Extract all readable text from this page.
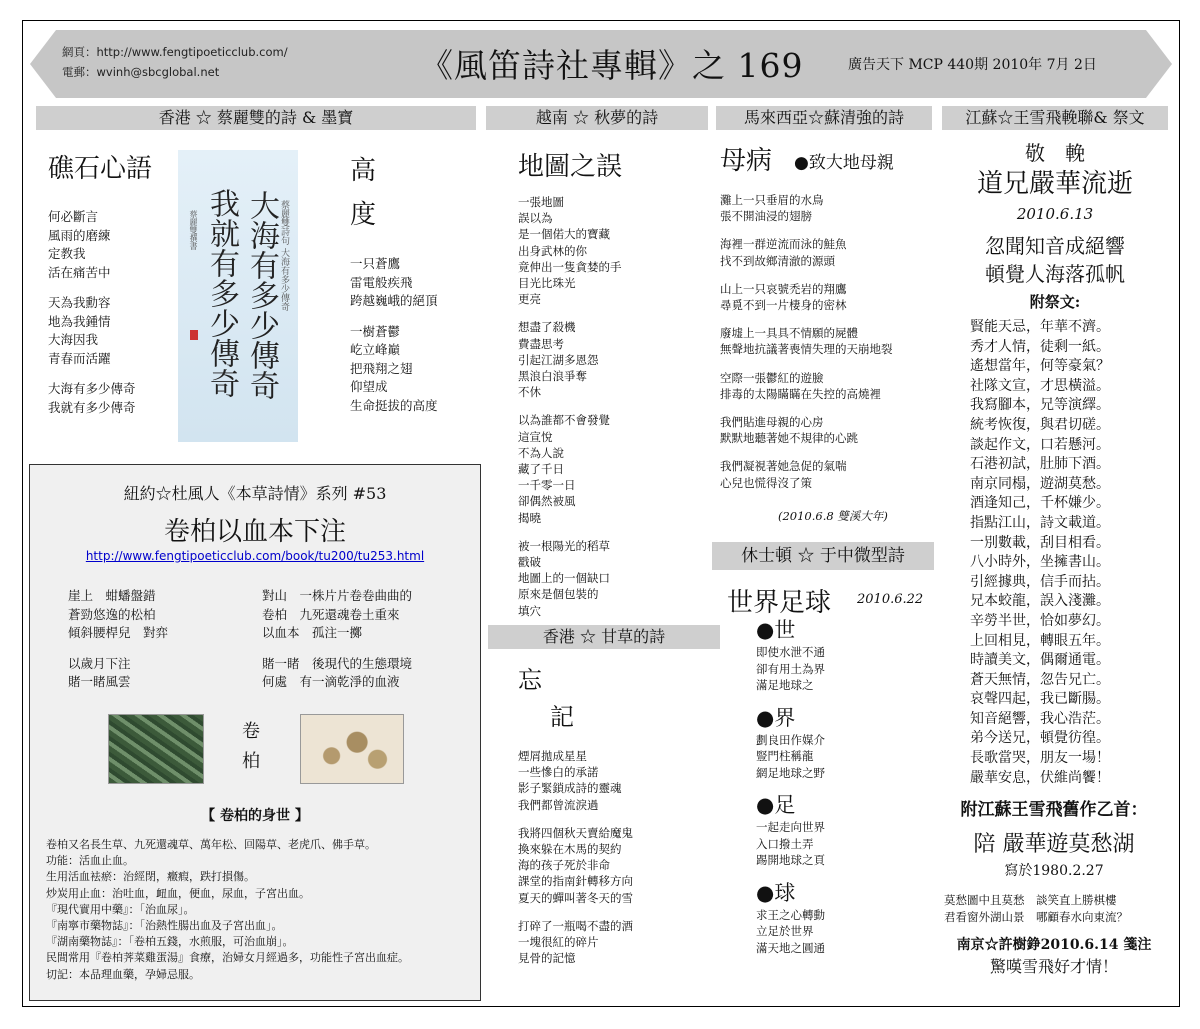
網頁：http://www.fengtipoeticclub.com/
電郵：wvinh@sbcglobal.net	《風笛詩社專輯》之 169	廣告天下 MCP 440期 2010年 7月 2日
香港 ☆ 蔡麗雙的詩 & 墨寶
礁石心語
何必斷言
風雨的磨練
定教我
活在痛苦中
天為我勳容
地為我鍾情
大海因我
青春而活躍
大海有多少傳奇
我就有多少傳奇
大海有多少傳奇
我就有多少傳奇	蔡麗雙詩句 大海有多少傳奇
蔡麗雙撰書
高
度
一只蒼鷹
雷電般疾飛
跨越巍峨的絕頂
一樹蒼鬱
屹立峰巔
把飛翔之翅
仰望成
生命挺拔的高度
紐約☆杜風人《本草詩情》系列 #53
卷柏以血本下注
http://www.fengtipoeticclub.com/book/tu200/tu253.html
崖上　蚶蟠盤錯
蒼勁悠逸的松柏
傾斜腰桿兒　對弈
以歲月下注
賭一睹風雲
對山　一株片片卷卷曲曲的
卷柏　九死還魂卷土重來
以血本　孤注一擲
賭一睹　後現代的生態環境
何處　有一滴乾淨的血液
卷
柏
【 卷柏的身世 】
卷柏又名長生草、九死還魂草、萬年松、回陽草、老虎爪、佛手草。
功能：活血止血。
生用活血袪瘀：治經閉，癥瘕，跌打損傷。
炒炭用止血：治吐血，衄血，便血，尿血，子宮出血。
『現代實用中藥』：「治血尿」。
『南寧市藥物誌』：「治熱性腸出血及子宮出血」。
『湖南藥物誌』：「卷柏五錢，水煎服，可治血崩」。
民間常用『卷柏荠菜雞蛋湯』食療，治婦女月經過多，功能性子宮出血症。
切記：本品理血藥，孕婦忌服。
越南 ☆ 秋夢的詩
地圖之誤
一張地圖
誤以為
是一個偌大的寶藏
出身武林的你
竟伸出一隻貪婪的手
目光比珠光
更亮
想盡了殺機
費盡思考
引起江湖多恩怨
黑浪白浪爭奪
不休
以為誰都不會發覺
這宣悅
不為人說
藏了千日
一千零一日
卻偶然被風
揭曉
被一根陽光的稻草
戳破
地圖上的一個缺口
原來是個包裝的
填穴
香港 ☆ 甘草的詩
忘
記
煙屑拋成星星
一些慘白的承諾
影子緊鎖成詩的靈魂
我們都曾流淚過
我將四個秋天賣給魔鬼
換來躲在木馬的契約
海的孩子死於非命
課堂的指南針轉移方向
夏天的蟬叫著冬天的雪
打碎了一瓶喝不盡的酒
一塊很紅的碎片
見骨的記憶
馬來西亞☆蘇清強的詩
母病 ●致大地母親
灘上一只垂眉的水鳥
張不開油浸的翅膀
海裡一群逆流而泳的鮭魚
找不到故鄉清澈的源頭
山上一只哀號禿岩的翔鷹
尋覓不到一片棲身的密林
廢墟上一具具不情願的屍體
無聲地抗議著喪情失理的天崩地裂
空際一張鬱紅的遊臉
排毒的太陽瞞瞞在失控的高燒裡
我們貼進母親的心房
默默地聽著她不規律的心跳
我們凝視著她急促的氣喘
心兒也慌得沒了策
(2010.6.8 雙溪大年)
休士頓 ☆ 于中微型詩
世界足球 2010.6.22
●世
即使水泄不通
卻有用土為界
滿足地球之
●界
劃良田作媒介
豎門柱稱龍
網足地球之野
●足
一起走向世界
入口撥土弄
踢開地球之頁
●球
求王之心轉動
立足於世界
滿天地之圓通
江蘇☆王雪飛輓聯& 祭文
敬　輓
道兄嚴華流逝
2010.6.13
忽聞知音成絕響
頓覺人海落孤帆
附祭文:
賢能天忌，年華不濟。
秀才人情，徒剩一紙。
遙想當年，何等豪氣？
社隊文宣，才思橫溢。
我寫腳本，兄等演繹。
統考恢復，與君切磋。
談起作文，口若懸河。
石港初試，肚肺下酒。
南京同榻，遊湖莫愁。
酒逢知己，千杯嫌少。
指點江山，詩文載道。
一別數載，刮目相看。
八小時外，坐擁書山。
引經據典，信手而拈。
兄本蛟龍，誤入淺灘。
辛勞半世，恰如夢幻。
上回相見，轉眼五年。
時讀美文，偶爾通電。
蒼天無情，忽告兄亡。
哀聲四起，我已斷腸。
知音絕響，我心浩茫。
弟今送兄，頓覺彷徨。
長歌當哭，朋友一場！
嚴華安息，伏維尚饗！
附江蘇王雪飛舊作乙首：
陪 嚴華遊莫愁湖
寫於1980.2.27
莫愁圖中且莫愁　談笑直上勝棋樓
君看窗外湖山景　哪顧春水向東流？
南京☆許樹錚2010.6.14 箋注
驚嘆雪飛好才情！
